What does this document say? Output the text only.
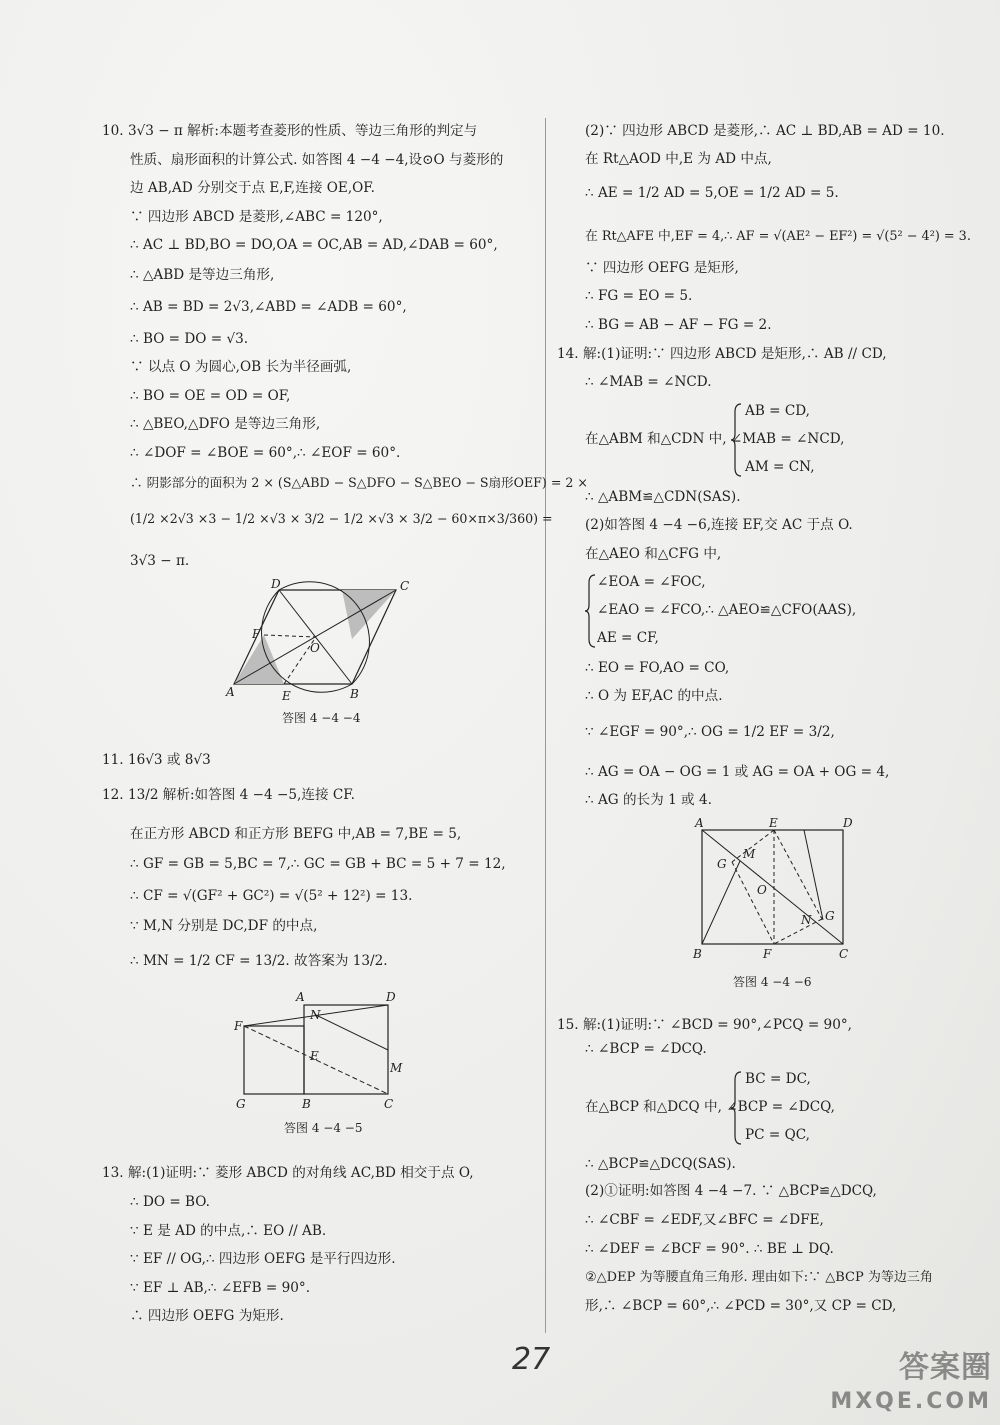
10. 3√3 − π 解析:本题考查菱形的性质、等边三角形的判定与
性质、扇形面积的计算公式. 如答图 4 −4 −4,设⊙O 与菱形的
边 AB,AD 分别交于点 E,F,连接 OE,OF.
∵ 四边形 ABCD 是菱形,∠ABC = 120°,
∴ AC ⊥ BD,BO = DO,OA = OC,AB = AD,∠DAB = 60°,
∴ △ABD 是等边三角形,
∴ AB = BD = 2√3,∠ABD = ∠ADB = 60°,
∴ BO = DO = √3.
∵ 以点 O 为圆心,OB 长为半径画弧,
∴ BO = OE = OD = OF,
∴ △BEO,△DFO 是等边三角形,
∴ ∠DOF = ∠BOE = 60°,∴ ∠EOF = 60°.
∴ 阴影部分的面积为 2 × (S△ABD − S△DFO − S△BEO − S扇形OEF) = 2 ×
(1/2 ×2√3 ×3 − 1/2 ×√3 × 3/2 − 1/2 ×√3 × 3/2 − 60×π×3/360) =
3√3 − π.
D	C
F
O
A	E	B
答图 4 −4 −4
11. 16√3 或 8√3
12. 13/2 解析:如答图 4 −4 −5,连接 CF.
在正方形 ABCD 和正方形 BEFG 中,AB = 7,BE = 5,
∴ GF = GB = 5,BC = 7,∴ GC = GB + BC = 5 + 7 = 12,
∴ CF = √(GF² + GC²) = √(5² + 12²) = 13.
∵ M,N 分别是 DC,DF 的中点,
∴ MN = 1/2 CF = 13/2. 故答案为 13/2.
A	D
F
N
E
M
G	B	C
答图 4 −4 −5
13. 解:(1)证明:∵ 菱形 ABCD 的对角线 AC,BD 相交于点 O,
∴ DO = BO.
∵ E 是 AD 的中点,∴ EO // AB.
∵ EF // OG,∴ 四边形 OEFG 是平行四边形.
∵ EF ⊥ AB,∴ ∠EFB = 90°.
∴ 四边形 OEFG 为矩形.
(2)∵ 四边形 ABCD 是菱形,∴ AC ⊥ BD,AB = AD = 10.
在 Rt△AOD 中,E 为 AD 中点,
∴ AE = 1/2 AD = 5,OE = 1/2 AD = 5.
在 Rt△AFE 中,EF = 4,∴ AF = √(AE² − EF²) = √(5² − 4²) = 3.
∵ 四边形 OEFG 是矩形,
∴ FG = EO = 5.
∴ BG = AB − AF − FG = 2.
14. 解:(1)证明:∵ 四边形 ABCD 是矩形,∴ AB // CD,
∴ ∠MAB = ∠NCD.
AB = CD,
在△ABM 和△CDN 中, ∠MAB = ∠NCD,
AM = CN,
∴ △ABM≌△CDN(SAS).
(2)如答图 4 −4 −6,连接 EF,交 AC 于点 O.
在△AEO 和△CFG 中,
∠EOA = ∠FOC,
∠EAO = ∠FCO,∴ △AEO≌△CFO(AAS),
AE = CF,
∴ EO = FO,AO = CO,
∴ O 为 EF,AC 的中点.
∵ ∠EGF = 90°,∴ OG = 1/2 EF = 3/2,
∴ AG = OA − OG = 1 或 AG = OA + OG = 4,
∴ AG 的长为 1 或 4.
A	E	D
M
G
O
N G
B	F	C
答图 4 −4 −6
15. 解:(1)证明:∵ ∠BCD = 90°,∠PCQ = 90°,
∴ ∠BCP = ∠DCQ.
BC = DC,
在△BCP 和△DCQ 中, ∠BCP = ∠DCQ,
PC = QC,
∴ △BCP≌△DCQ(SAS).
(2)①证明:如答图 4 −4 −7. ∵ △BCP≌△DCQ,
∴ ∠CBF = ∠EDF,又∠BFC = ∠DFE,
∴ ∠DEF = ∠BCF = 90°. ∴ BE ⊥ DQ.
②△DEP 为等腰直角三角形. 理由如下:∵ △BCP 为等边三角
形,∴ ∠BCP = 60°,∴ ∠PCD = 30°,又 CP = CD,
27	答案圈
MXQE.COM
